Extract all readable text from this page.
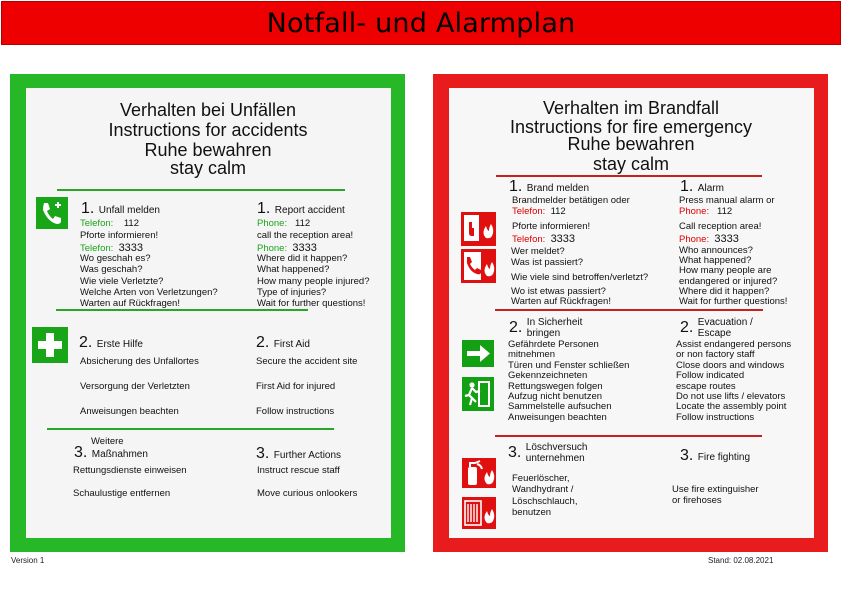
Notfall- und Alarmplan
Verhalten bei Unfällen
Instructions for accidents
Ruhe bewahren
stay calm
1. Unfall melden	1. Report accident
Telefon: 112
Pforte informieren!
Telefon: 3333
Phone: 112
call the reception area!
Phone: 3333
Wo geschah es?
Was geschah?
Wie viele Verletzte?
Welche Arten von Verletzungen?
Warten auf Rückfragen!
Where did it happen?
What happened?
How many people injured?
Type of injuries?
Wait for further questions!
2. Erste Hilfe	2. First Aid
Absicherung des Unfallortes
Versorgung der Verletzten
Anweisungen beachten
Secure the accident site
First Aid for injured
Follow instructions
Weitere
3. Maßnahmen	3. Further Actions
Rettungsdienste einweisen
Schaulustige entfernen
Instruct rescue staff
Move curious onlookers
Verhalten im Brandfall
Instructions for fire emergency
Ruhe bewahren
stay calm
1. Brand melden	1. Alarm
Brandmelder betätigen oder
Telefon: 112
Pforte informieren!
Telefon: 3333
Press manual alarm or
Phone: 112
Call reception area!
Phone: 3333
Wer meldet?
Was ist passiert?
Wie viele sind betroffen/verletzt?
Wo ist etwas passiert?
Warten auf Rückfragen!
Who announces?
What happened?
How many people are
endangered or injured?
Where did it happen?
Wait for further questions!
2. In Sicherheit
bringen	2. Evacuation /
Escape
Gefährdete Personen
mitnehmen
Türen und Fenster schließen
Gekennzeichneten
Rettungswegen folgen
Aufzug nicht benutzen
Sammelstelle aufsuchen
Anweisungen beachten
Assist endangered persons
or non factory staff
Close doors and windows
Follow indicated
escape routes
Do not use lifts / elevators
Locate the assembly point
Follow instructions
3. Löschversuch
unternehmen	3. Fire fighting
Feuerlöscher,
Wandhydrant /
Löschschlauch,
benutzen
Use fire extinguisher
or firehoses
Version 1	Stand: 02.08.2021
